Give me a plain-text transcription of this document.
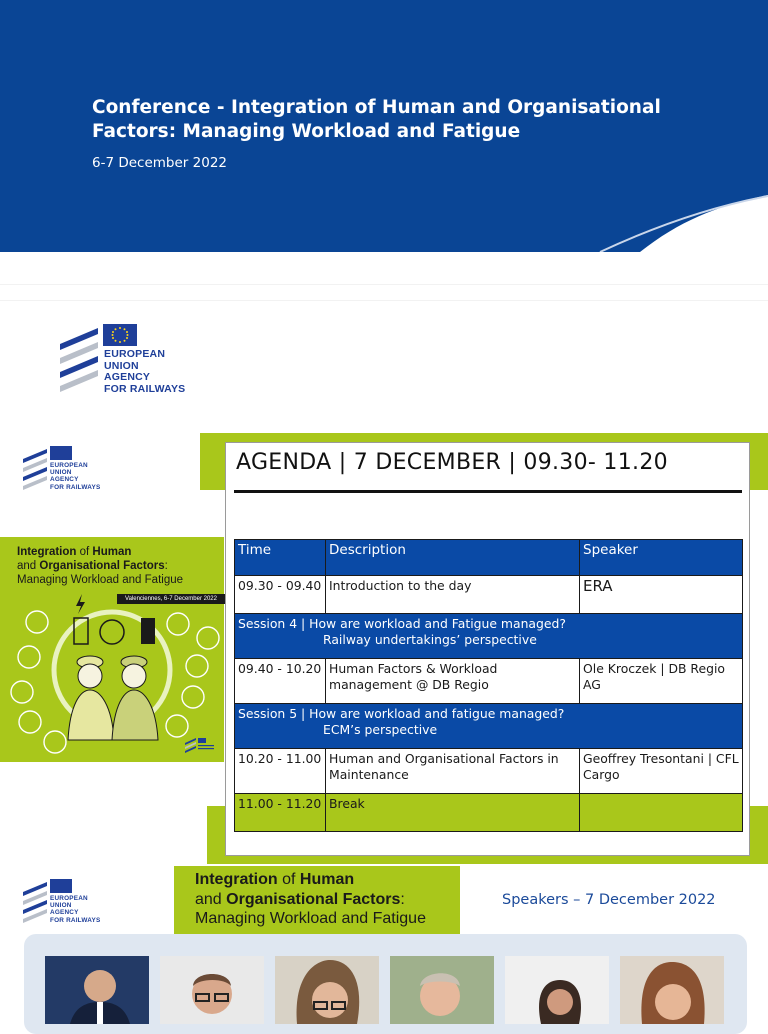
Conference - Integration of Human and Organisational Factors: Managing Workload and Fatigue
6-7 December 2022
EUROPEAN
UNION
AGENCY
FOR RAILWAYS
EUROPEAN
UNION
AGENCY
FOR RAILWAYS
Integration of Human
and Organisational Factors:
Managing Workload and Fatigue
Valenciennes, 6-7 December 2022
AGENDA | 7 DECEMBER | 09.30- 11.20
Time	Description	Speaker
09.30 - 09.40	Introduction to the day	ERA

Session 4 | How are workload and Fatigue managed?
Railway undertakings’ perspective		

09.40 - 10.20	Human Factors & Workload management @ DB Regio	Ole Kroczek | DB Regio AG

Session 5 | How are workload and fatigue managed?
ECM’s perspective		

10.20 - 11.00	Human and Organisational Factors in Maintenance	Geoffrey Tresontani | CFL Cargo
11.00 - 11.20	Break	
EUROPEAN
UNION
AGENCY
FOR RAILWAYS
Integration of Human
and Organisational Factors:
Managing Workload and Fatigue
Speakers – 7 December 2022
